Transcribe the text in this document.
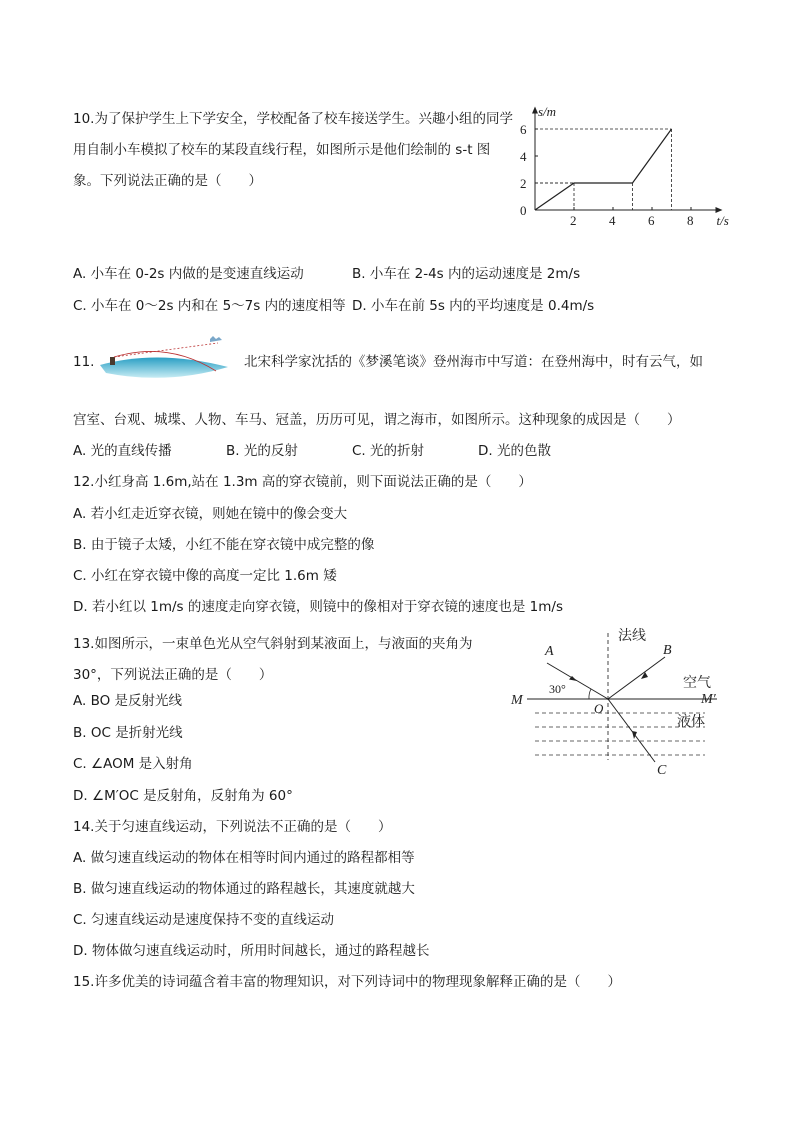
10.为了保护学生上下学安全，学校配备了校车接送学生。兴趣小组的同学用自制小车模拟了校车的某段直线行程，如图所示是他们绘制的 s-t 图象。下列说法正确的是（　　）
s/m
t/s
0
2	4	6	8
2
4
6
A. 小车在 0-2s 内做的是变速直线运动	B. 小车在 2-4s 内的运动速度是 2m/s
C. 小车在 0～2s 内和在 5～7s 内的速度相等 D. 小车在前 5s 内的平均速度是 0.4m/s
11.	北宋科学家沈括的《梦溪笔谈》登州海市中写道：在登州海中，时有云气，如
宫室、台观、城堞、人物、车马、冠盖，历历可见，谓之海市，如图所示。这种现象的成因是（　　）
A. 光的直线传播	B. 光的反射	C. 光的折射	D. 光的色散
12.小红身高 1.6m,站在 1.3m 高的穿衣镜前，则下面说法正确的是（　　）
A. 若小红走近穿衣镜，则她在镜中的像会变大
B. 由于镜子太矮，小红不能在穿衣镜中成完整的像
C. 小红在穿衣镜中像的高度一定比 1.6m 矮
D. 若小红以 1m/s 的速度走向穿衣镜，则镜中的像相对于穿衣镜的速度也是 1m/s
13.如图所示，一束单色光从空气斜射到某液面上，与液面的夹角为 30°，下列说法正确的是（　　）
A. BO 是反射光线
B. OC 是折射光线
C. ∠AOM 是入射角
D. ∠M′OC 是反射角，反射角为 60°
法线
A	B
C
O
M	M′
30°	空气
液体
14.关于匀速直线运动，下列说法不正确的是（　　）
A. 做匀速直线运动的物体在相等时间内通过的路程都相等
B. 做匀速直线运动的物体通过的路程越长，其速度就越大
C. 匀速直线运动是速度保持不变的直线运动
D. 物体做匀速直线运动时，所用时间越长，通过的路程越长
15.许多优美的诗词蕴含着丰富的物理知识，对下列诗词中的物理现象解释正确的是（　　）
